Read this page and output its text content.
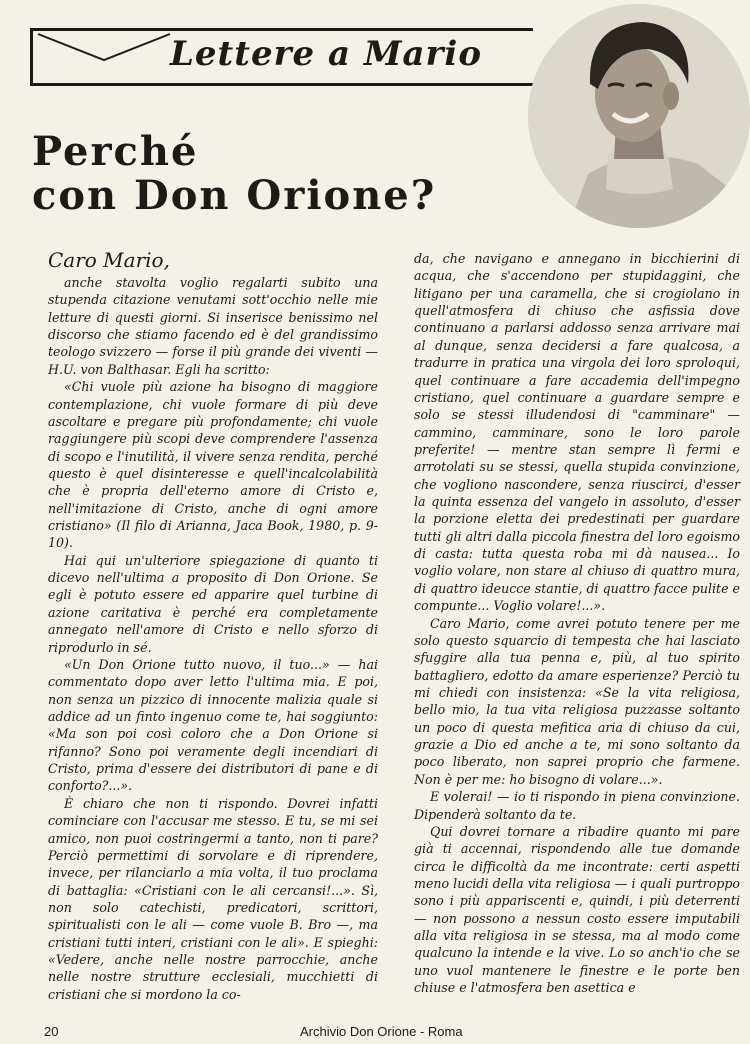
Lettere a Mario
Perché
con Don Orione?
Caro Mario,

anche stavolta voglio regalarti subito una stupenda citazione venutami sott'occhio nelle mie letture di questi giorni. Si inserisce benissimo nel discorso che stiamo facendo ed è del grandissimo teologo svizzero — forse il più grande dei viventi — H.U. von Balthasar. Egli ha scritto:

«Chi vuole più azione ha bisogno di maggiore contemplazione, chi vuole formare di più deve ascoltare e pregare più profondamente; chi vuole raggiungere più scopi deve comprendere l'assenza di scopo e l'inutilità, il vivere senza rendita, perché questo è quel disinteresse e quell'incalcolabilità che è propria dell'eterno amore di Cristo e, nell'imitazione di Cristo, anche di ogni amore cristiano» (Il filo di Arianna, Jaca Book, 1980, p. 9-10).

Hai qui un'ulteriore spiegazione di quanto ti dicevo nell'ultima a proposito di Don Orione. Se egli è potuto essere ed apparire quel turbine di azione caritativa è perché era completamente annegato nell'amore di Cristo e nello sforzo di riprodurlo in sé.

«Un Don Orione tutto nuovo, il tuo...» — hai commentato dopo aver letto l'ultima mia. E poi, non senza un pizzico di innocente malizia quale si addice ad un finto ingenuo come te, hai soggiunto: «Ma son poi così coloro che a Don Orione si rifanno? Sono poi veramente degli incendiari di Cristo, prima d'essere dei distributori di pane e di conforto?...».

È chiaro che non ti rispondo. Dovrei infatti cominciare con l'accusar me stesso. E tu, se mi sei amico, non puoi costringermi a tanto, non ti pare? Perciò permettimi di sorvolare e di riprendere, invece, per rilanciarlo a mia volta, il tuo proclama di battaglia: «Cristiani con le ali cercansi!...». Sì, non solo catechisti, predicatori, scrittori, spiritualisti con le ali — come vuole B. Bro —, ma cristiani tutti interi, cristiani con le ali». E spieghi: «Vedere, anche nelle nostre parrocchie, anche nelle nostre strutture ecclesiali, mucchietti di cristiani che si mordono la co-

da, che navigano e annegano in bicchierini di acqua, che s'accendono per stupidaggini, che litigano per una caramella, che si crogiolano in quell'atmosfera di chiuso che asfissia dove continuano a parlarsi addosso senza arrivare mai al dunque, senza decidersi a fare qualcosa, a tradurre in pratica una virgola dei loro sproloqui, quel continuare a fare accademia dell'impegno cristiano, quel continuare a guardare sempre e solo se stessi illudendosi di "camminare" — cammino, camminare, sono le loro parole preferite! — mentre stan sempre lì fermi e arrotolati su se stessi, quella stupida convinzione, che vogliono nascondere, senza riuscirci, d'esser la quinta essenza del vangelo in assoluto, d'esser la porzione eletta dei predestinati per guardare tutti gli altri dalla piccola finestra del loro egoismo di casta: tutta questa roba mi dà nausea... Io voglio volare, non stare al chiuso di quattro mura, di quattro ideucce stantie, di quattro facce pulite e compunte... Voglio volare!...».

Caro Mario, come avrei potuto tenere per me solo questo squarcio di tempesta che hai lasciato sfuggire alla tua penna e, più, al tuo spirito battagliero, edotto da amare esperienze? Perciò tu mi chiedi con insistenza: «Se la vita religiosa, bello mio, la tua vita religiosa puzzasse soltanto un poco di questa mefitica aria di chiuso da cui, grazie a Dio ed anche a te, mi sono soltanto da poco liberato, non saprei proprio che farmene. Non è per me: ho bisogno di volare...».

E volerai! — io ti rispondo in piena convinzione. Dipenderà soltanto da te.

Qui dovrei tornare a ribadire quanto mi pare già ti accennai, rispondendo alle tue domande circa le difficoltà da me incontrate: certi aspetti meno lucidi della vita religiosa — i quali purtroppo sono i più appariscenti e, quindi, i più deterrenti — non possono a nessun costo essere imputabili alla vita religiosa in se stessa, ma al modo come qualcuno la intende e la vive. Lo so anch'io che se uno vuol mantenere le finestre e le porte ben chiuse e l'atmosfera ben asettica e

20	Archivio Don Orione - Roma
